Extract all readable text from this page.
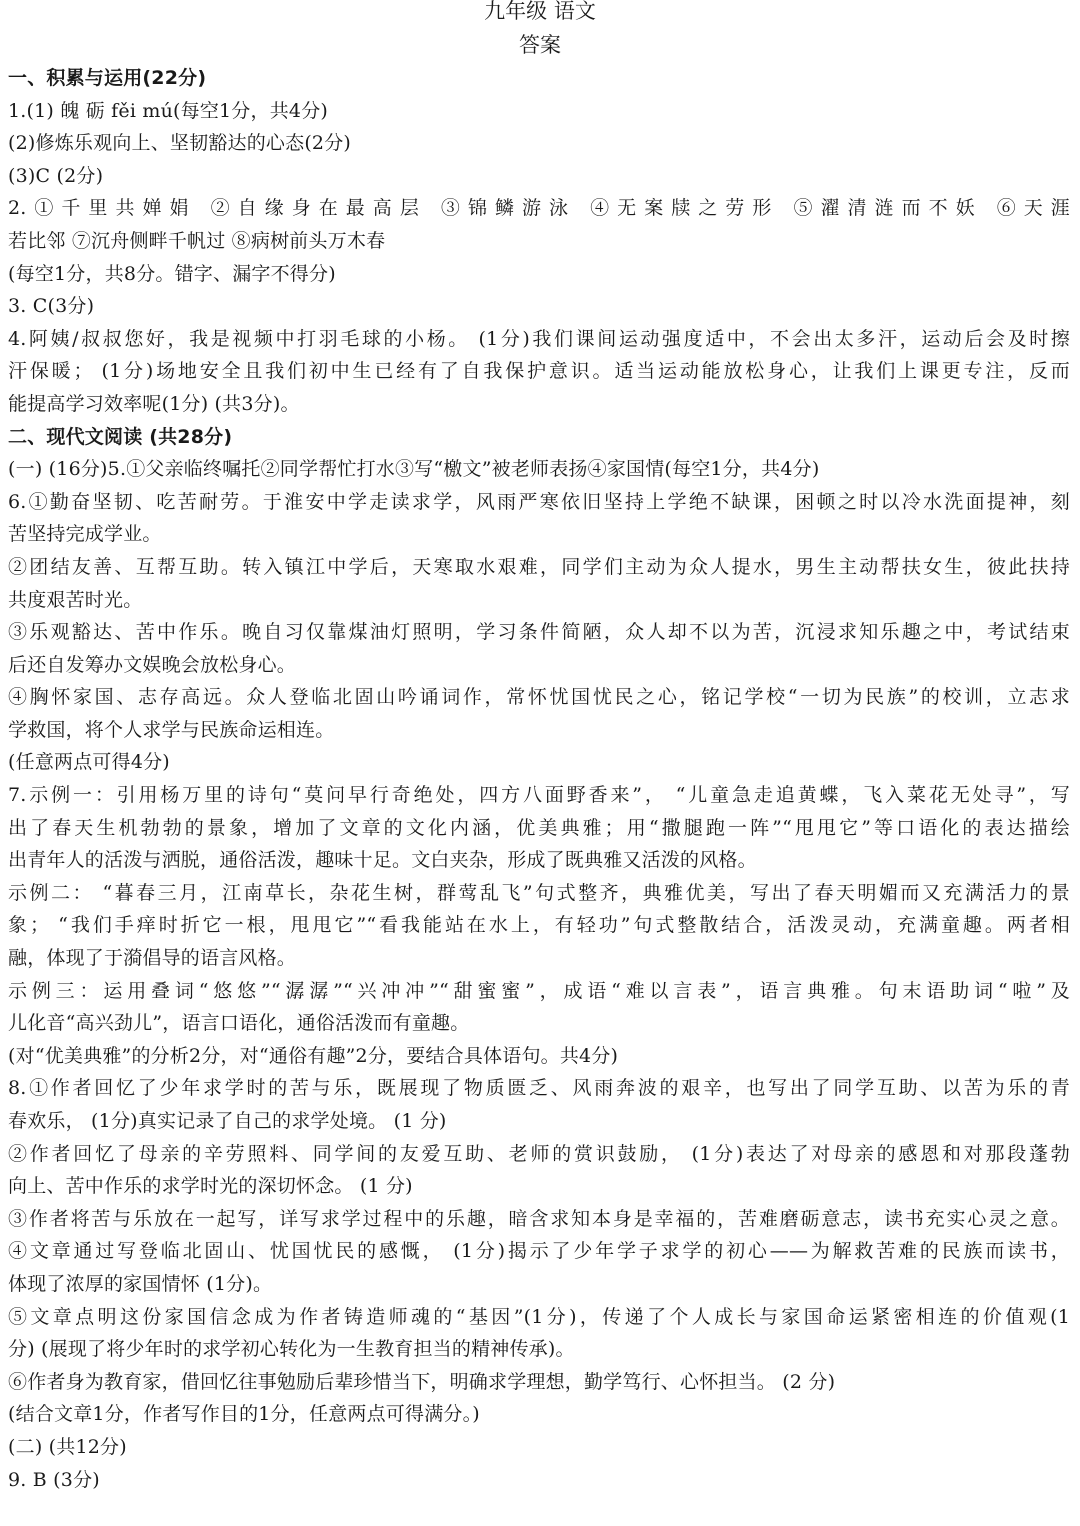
九年级 语文
答案
一、积累与运用(22分)
1.(1) 魄 砺 fěi mú(每空1分，共4分)
(2)修炼乐观向上、坚韧豁达的心态(2分)
(3)C (2分)
2.①千里共婵娟 ②自缘身在最高层 ③锦鳞游泳 ④无案牍之劳形 ⑤濯清涟而不妖 ⑥天涯
若比邻 ⑦沉舟侧畔千帆过 ⑧病树前头万木春
(每空1分，共8分。错字、漏字不得分)
3. C(3分)
4.阿姨/叔叔您好，我是视频中打羽毛球的小杨。 (1分)我们课间运动强度适中，不会出太多汗，运动后会及时擦
汗保暖； (1分)场地安全且我们初中生已经有了自我保护意识。适当运动能放松身心，让我们上课更专注，反而
能提高学习效率呢(1分) (共3分)。
二、现代文阅读 (共28分)
(一) (16分)5.①父亲临终嘱托②同学帮忙打水③写“檄文”被老师表扬④家国情(每空1分，共4分)
6.①勤奋坚韧、吃苦耐劳。于淮安中学走读求学，风雨严寒依旧坚持上学绝不缺课，困顿之时以冷水洗面提神，刻
苦坚持完成学业。
②团结友善、互帮互助。转入镇江中学后，天寒取水艰难，同学们主动为众人提水，男生主动帮扶女生，彼此扶持
共度艰苦时光。
③乐观豁达、苦中作乐。晚自习仅靠煤油灯照明，学习条件简陋，众人却不以为苦，沉浸求知乐趣之中，考试结束
后还自发筹办文娱晚会放松身心。
④胸怀家国、志存高远。众人登临北固山吟诵词作，常怀忧国忧民之心，铭记学校“一切为民族”的校训，立志求
学救国，将个人求学与民族命运相连。
(任意两点可得4分)
7.示例一：引用杨万里的诗句“莫问早行奇绝处，四方八面野香来”， “儿童急走追黄蝶，飞入菜花无处寻”，写
出了春天生机勃勃的景象，增加了文章的文化内涵，优美典雅；用“撒腿跑一阵”“甩甩它”等口语化的表达描绘
出青年人的活泼与洒脱，通俗活泼，趣味十足。文白夹杂，形成了既典雅又活泼的风格。
示例二： “暮春三月，江南草长，杂花生树，群莺乱飞”句式整齐，典雅优美，写出了春天明媚而又充满活力的景
象； “我们手痒时折它一根，甩甩它”“看我能站在水上，有轻功”句式整散结合，活泼灵动，充满童趣。两者相
融，体现了于漪倡导的语言风格。
示例三：运用叠词“悠悠”“潺潺”“兴冲冲”“甜蜜蜜”，成语“难以言表”，语言典雅。句末语助词“啦”及
儿化音“高兴劲儿”，语言口语化，通俗活泼而有童趣。
(对“优美典雅”的分析2分，对“通俗有趣”2分，要结合具体语句。共4分)
8.①作者回忆了少年求学时的苦与乐，既展现了物质匮乏、风雨奔波的艰辛，也写出了同学互助、以苦为乐的青
春欢乐， (1分)真实记录了自己的求学处境。 (1 分)
②作者回忆了母亲的辛劳照料、同学间的友爱互助、老师的赏识鼓励， (1分)表达了对母亲的感恩和对那段蓬勃
向上、苦中作乐的求学时光的深切怀念。 (1 分)
③作者将苦与乐放在一起写，详写求学过程中的乐趣，暗含求知本身是幸福的，苦难磨砺意志，读书充实心灵之意。
④文章通过写登临北固山、忧国忧民的感慨， (1分)揭示了少年学子求学的初心——为解救苦难的民族而读书，
体现了浓厚的家国情怀 (1分)。
⑤文章点明这份家国信念成为作者铸造师魂的“基因”(1分)，传递了个人成长与家国命运紧密相连的价值观(1
分) (展现了将少年时的求学初心转化为一生教育担当的精神传承)。
⑥作者身为教育家，借回忆往事勉励后辈珍惜当下，明确求学理想，勤学笃行、心怀担当。 (2 分)
(结合文章1分，作者写作目的1分，任意两点可得满分。)
(二) (共12分)
9. B (3分)
